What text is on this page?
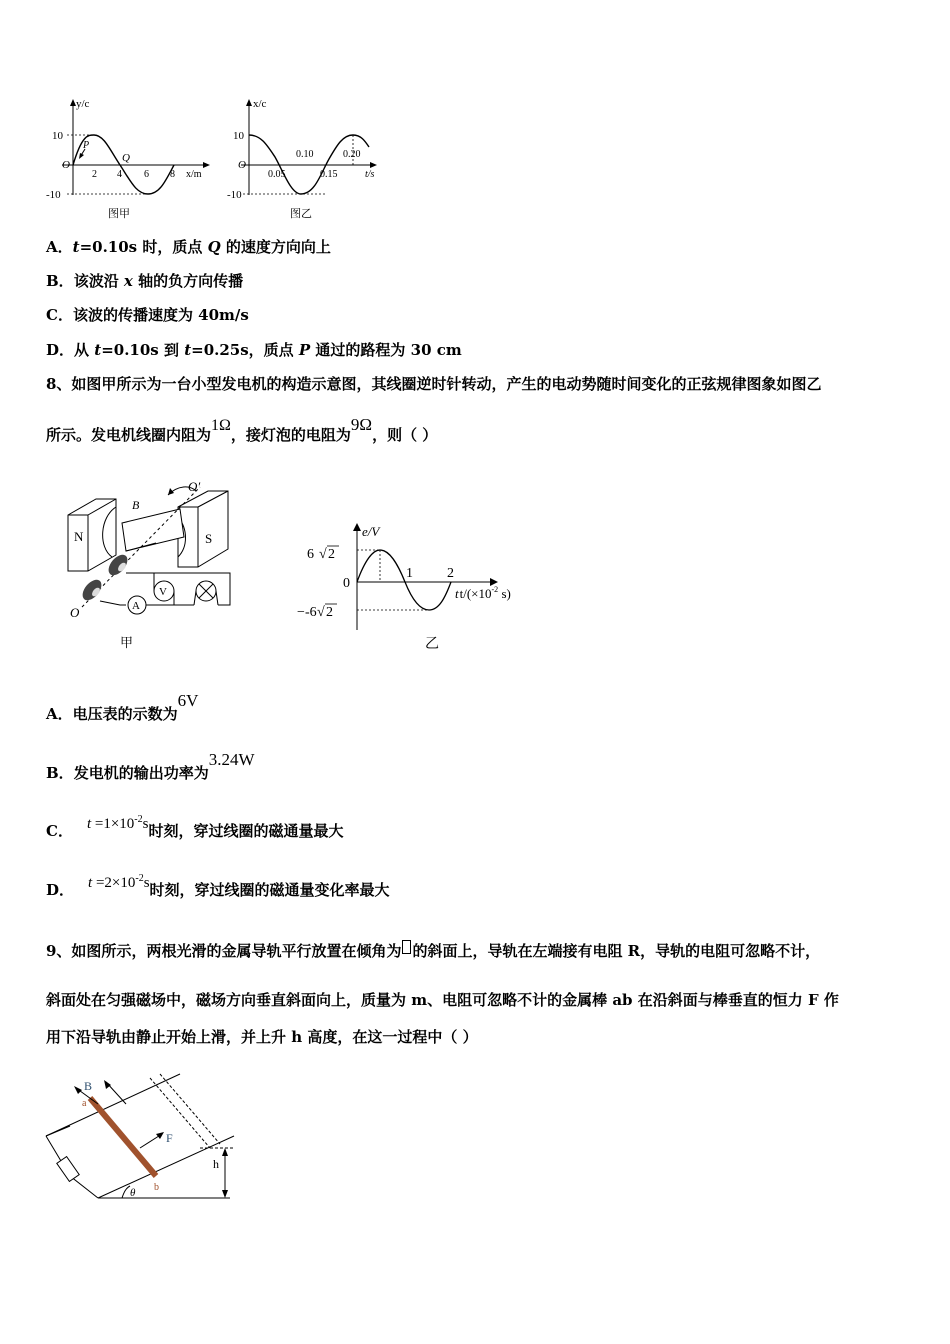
y/c
10
-10
O
P
Q
2 4 6 8 x/m
图甲
x/c
10
-10
O
0.10	0.20
0.05	0.15	t/s
图乙
A．t=0.10s 时，质点 Q 的速度方向向上
B．该波沿 x 轴的负方向传播
C．该波的传播速度为 40m/s
D．从 t=0.10s 到 t=0.25s，质点 P 通过的路程为 30 cm
8、如图甲所示为一台小型发电机的构造示意图，其线圈逆时针转动，产生的电动势随时间变化的正弦规律图象如图乙
所示。发电机线圈内阻为1Ω，接灯泡的电阻为9Ω，则（ ）
N	S
B
O′
O
V
A
甲
e/V
6 √ 2
0
− -6 √ 2
1 2
$tt/(\times 10^{-2}$ s)
乙
A．电压表的示数为6V
B．发电机的输出功率为3.24W
C． $t =1\times 10^{-2}s$时刻，穿过线圈的磁通量最大
D． $t =2\times 10^{-2}s$时刻，穿过线圈的磁通量变化率最大
9、如图所示，两根光滑的金属导轨平行放置在倾角为 的斜面上，导轨在左端接有电阻 R，导轨的电阻可忽略不计，
斜面处在匀强磁场中，磁场方向垂直斜面向上，质量为 m、电阻可忽略不计的金属棒 ab 在沿斜面与棒垂直的恒力 F 作
用下沿导轨由静止开始上滑，并上升 h 高度，在这一过程中（ ）
B
a
F
h
b
θ
